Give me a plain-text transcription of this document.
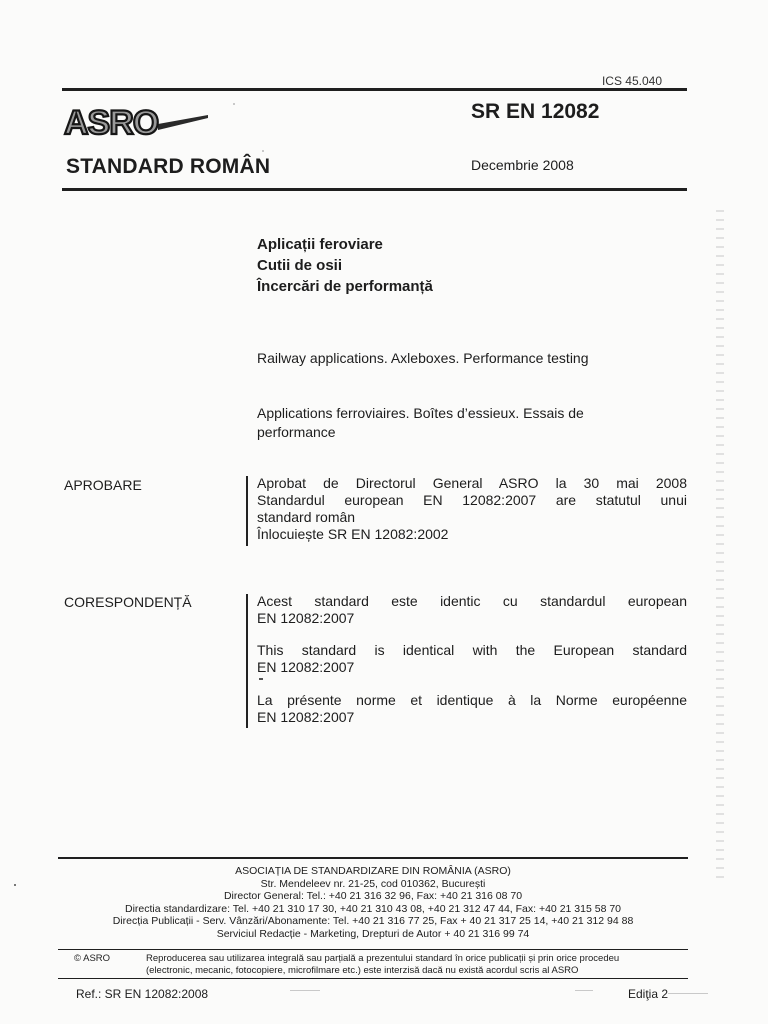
ICS 45.040
ASRO	SR EN 12082
STANDARD ROMÂN	Decembrie 2008
Aplicații feroviare
Cutii de osii
Încercări de performanță
Railway applications. Axleboxes. Performance testing
Applications ferroviaires. Boîtes d’essieux. Essais de
performance
APROBARE	Aprobat de Directorul General ASRO la 30 mai 2008
Standardul european EN 12082:2007 are statutul unui
standard român
Înlocuiește SR EN 12082:2002
CORESPONDENȚĂ	Acest standard este identic cu standardul european
EN 12082:2007
This standard is identical with the European standard
EN 12082:2007
La présente norme et identique à la Norme européenne
EN 12082:2007
ASOCIAȚIA DE STANDARDIZARE DIN ROMÂNIA (ASRO)
Str. Mendeleev nr. 21-25, cod 010362, București
Director General: Tel.: +40 21 316 32 96, Fax: +40 21 316 08 70
Directia standardizare: Tel. +40 21 310 17 30, +40 21 310 43 08, +40 21 312 47 44, Fax: +40 21 315 58 70
Direcția Publicații - Serv. Vânzări/Abonamente: Tel. +40 21 316 77 25, Fax + 40 21 317 25 14, +40 21 312 94 88
Serviciul Redacție - Marketing, Drepturi de Autor + 40 21 316 99 74
© ASRO	Reproducerea sau utilizarea integrală sau parțială a prezentului standard în orice publicații și prin orice procedeu
(electronic, mecanic, fotocopiere, microfilmare etc.) este interzisă dacă nu există acordul scris al ASRO
Ref.: SR EN 12082:2008	Ediţia 2
